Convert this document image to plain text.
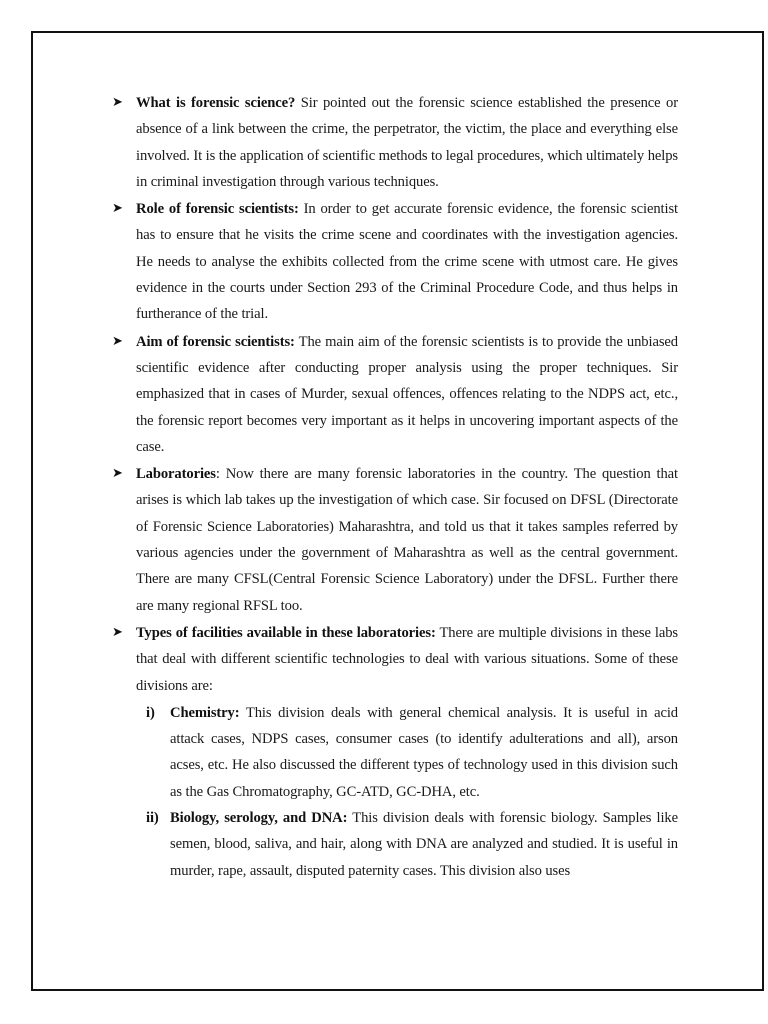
➤ What is forensic science? Sir pointed out the forensic science established the presence or absence of a link between the crime, the perpetrator, the victim, the place and everything else involved. It is the application of scientific methods to legal procedures, which ultimately helps in criminal investigation through various techniques.
➤ Role of forensic scientists: In order to get accurate forensic evidence, the forensic scientist has to ensure that he visits the crime scene and coordinates with the investigation agencies. He needs to analyse the exhibits collected from the crime scene with utmost care. He gives evidence in the courts under Section 293 of the Criminal Procedure Code, and thus helps in furtherance of the trial.
➤ Aim of forensic scientists: The main aim of the forensic scientists is to provide the unbiased scientific evidence after conducting proper analysis using the proper techniques. Sir emphasized that in cases of Murder, sexual offences, offences relating to the NDPS act, etc., the forensic report becomes very important as it helps in uncovering important aspects of the case.
➤ Laboratories: Now there are many forensic laboratories in the country. The question that arises is which lab takes up the investigation of which case. Sir focused on DFSL (Directorate of Forensic Science Laboratories) Maharashtra, and told us that it takes samples referred by various agencies under the government of Maharashtra as well as the central government. There are many CFSL(Central Forensic Science Laboratory) under the DFSL. Further there are many regional RFSL too.
➤ Types of facilities available in these laboratories: There are multiple divisions in these labs that deal with different scientific technologies to deal with various situations. Some of these divisions are:
i) Chemistry: This division deals with general chemical analysis. It is useful in acid attack cases, NDPS cases, consumer cases (to identify adulterations and all), arson acses, etc. He also discussed the different types of technology used in this division such as the Gas Chromatography, GC-ATD, GC-DHA, etc.
ii) Biology, serology, and DNA: This division deals with forensic biology. Samples like semen, blood, saliva, and hair, along with DNA are analyzed and studied. It is useful in murder, rape, assault, disputed paternity cases. This division also uses
